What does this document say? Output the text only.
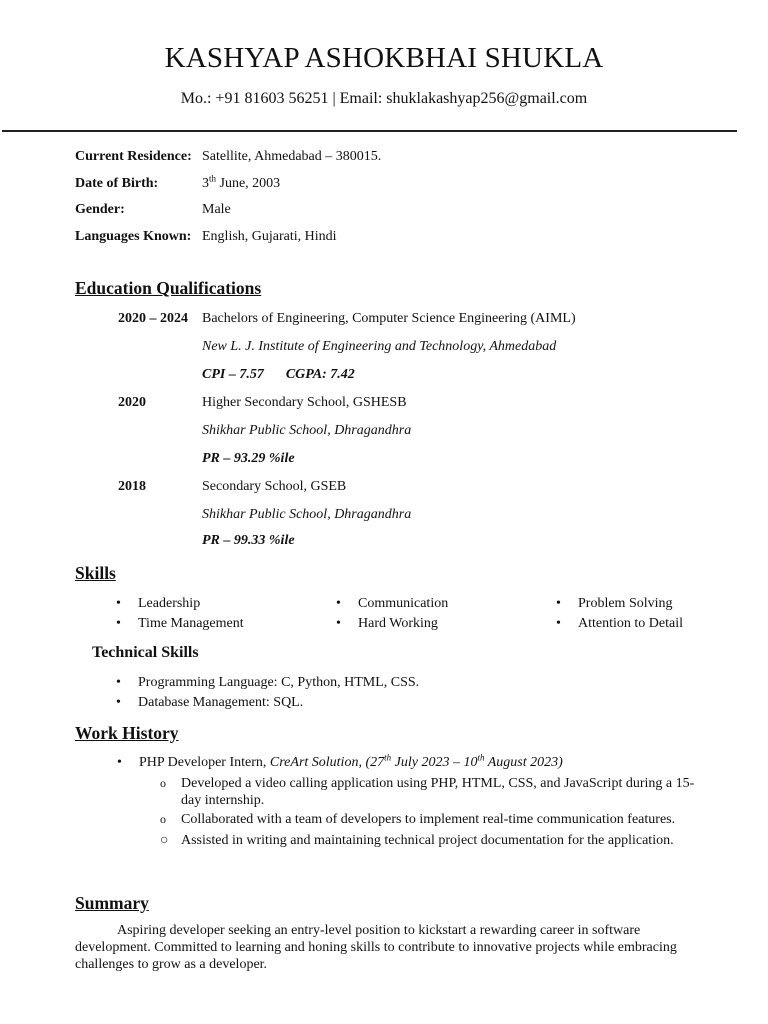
KASHYAP ASHOKBHAI SHUKLA
Mo.: +91 81603 56251 | Email: shuklakashyap256@gmail.com
Current Residence: Satellite, Ahmedabad – 380015.
Date of Birth:	3th June, 2003
Gender:	Male
Languages Known: English, Gujarati, Hindi
Education Qualifications
2020 – 2024 Bachelors of Engineering, Computer Science Engineering (AIML)
New L. J. Institute of Engineering and Technology, Ahmedabad
CPI – 7.57 CGPA: 7.42
2020	Higher Secondary School, GSHESB
Shikhar Public School, Dhragandhra
PR – 93.29 %ile
2018	Secondary School, GSEB
Shikhar Public School, Dhragandhra
PR – 99.33 %ile
Skills
• Leadership	• Communication	• Problem Solving
• Time Management	• Hard Working	• Attention to Detail
Technical Skills
• Programming Language: C, Python, HTML, CSS.
• Database Management: SQL.
Work History
• PHP Developer Intern, CreArt Solution, (27th July 2023 – 10th August 2023)
o	Developed a video calling application using PHP, HTML, CSS, and JavaScript during a 15-day internship.
o	Collaborated with a team of developers to implement real-time communication features.
○ Assisted in writing and maintaining technical project documentation for the application.
Summary
Aspiring developer seeking an entry-level position to kickstart a rewarding career in software development. Committed to learning and honing skills to contribute to innovative projects while embracing challenges to grow as a developer.
